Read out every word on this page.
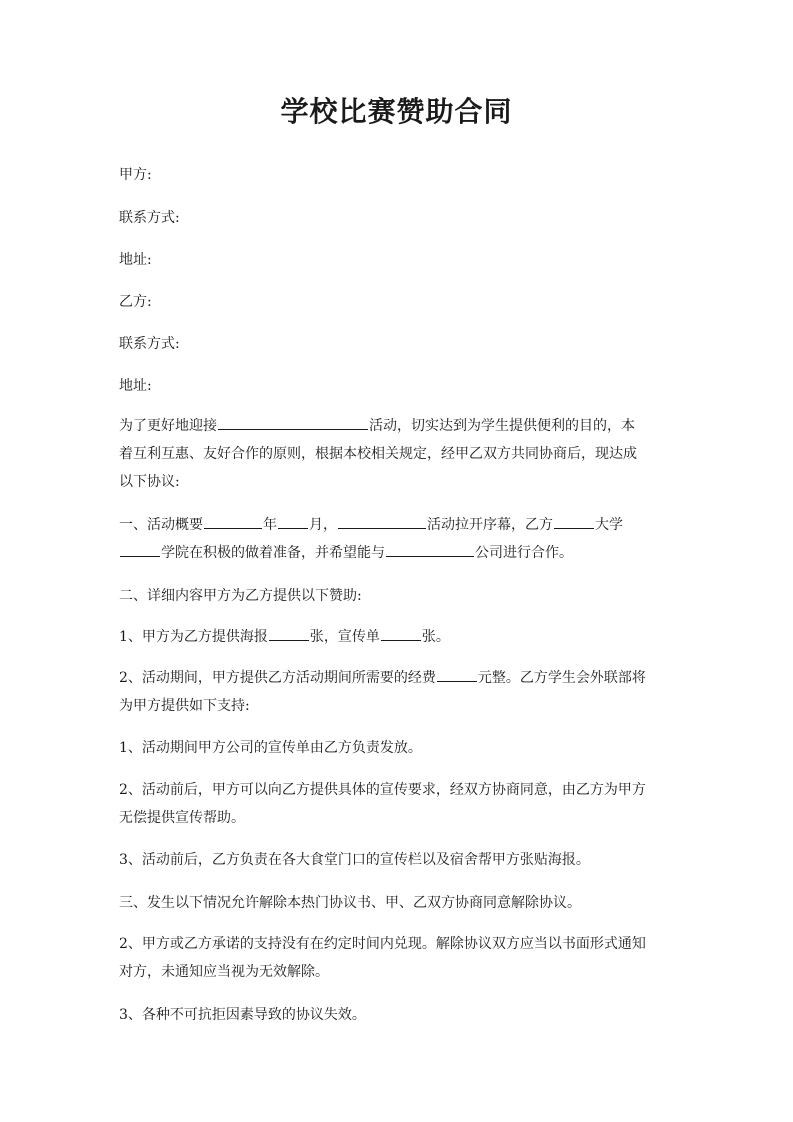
学校比赛赞助合同
甲方:
联系方式:
地址:
乙方:
联系方式:
地址:
为了更好地迎接	活动，切实达到为学生提供便利的目的，本
着互利互惠、友好合作的原则，根据本校相关规定，经甲乙双方共同协商后，现达成
以下协议:
一、活动概要	年 月，	活动拉开序幕，乙方	大学
学院在积极的做着准备，并希望能与	公司进行合作。
二、详细内容甲方为乙方提供以下赞助:
1、甲方为乙方提供海报	张，宣传单	张。
2、活动期间，甲方提供乙方活动期间所需要的经费	元整。乙方学生会外联部将
为甲方提供如下支持:
1、活动期间甲方公司的宣传单由乙方负责发放。
2、活动前后，甲方可以向乙方提供具体的宣传要求，经双方协商同意，由乙方为甲方
无偿提供宣传帮助。
3、活动前后，乙方负责在各大食堂门口的宣传栏以及宿舍帮甲方张贴海报。
三、发生以下情况允许解除本热门协议书、甲、乙双方协商同意解除协议。
2、甲方或乙方承诺的支持没有在约定时间内兑现。解除协议双方应当以书面形式通知
对方，未通知应当视为无效解除。
3、各种不可抗拒因素导致的协议失效。
